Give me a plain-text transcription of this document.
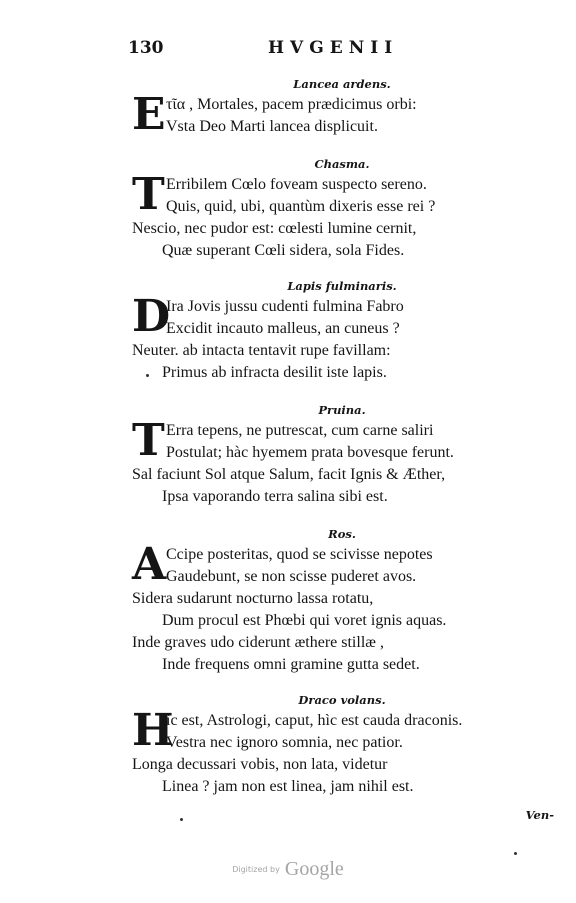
130	HVGENII
Lancea ardens.
E τῖα , Mortales, pacem prædicimus orbi:
Vsta Deo Marti lancea displicuit.
Chasma.
T Erribilem Cœlo foveam suspecto sereno.
Quis, quid, ubi, quantùm dixeris esse rei ?
Nescio, nec pudor est: cœlesti lumine cernit,
Quæ superant Cœli sidera, sola Fides.
Lapis fulminaris.
D
Ira Jovis jussu cudenti fulmina Fabro
Excidit incauto malleus, an cuneus ?
Neuter. ab intacta tentavit rupe favillam:
Primus ab infracta desilit iste lapis.
Pruina.
T Erra tepens, ne putrescat, cum carne saliri
Postulat; hàc hyemem prata bovesque ferunt.
Sal faciunt Sol atque Salum, facit Ignis & Æther,
Ipsa vaporando terra salina sibi est.
Ros.
A Ccipe posteritas, quod se scivisse nepotes
Gaudebunt, se non scisse puderet avos.
Sidera sudarunt nocturno lassa rotatu,
Dum procul est Phœbi qui voret ignis aquas.
Inde graves udo ciderunt æthere stillæ ,
Inde frequens omni gramine gutta sedet.
Draco volans.
H
ìc est, Astrologi, caput, hìc est cauda draconis.
Vestra nec ignoro somnia, nec patior.
Longa decussari vobis, non lata, videtur
Linea ? jam non est linea, jam nihil est.
Ven-
Digitized by Google
